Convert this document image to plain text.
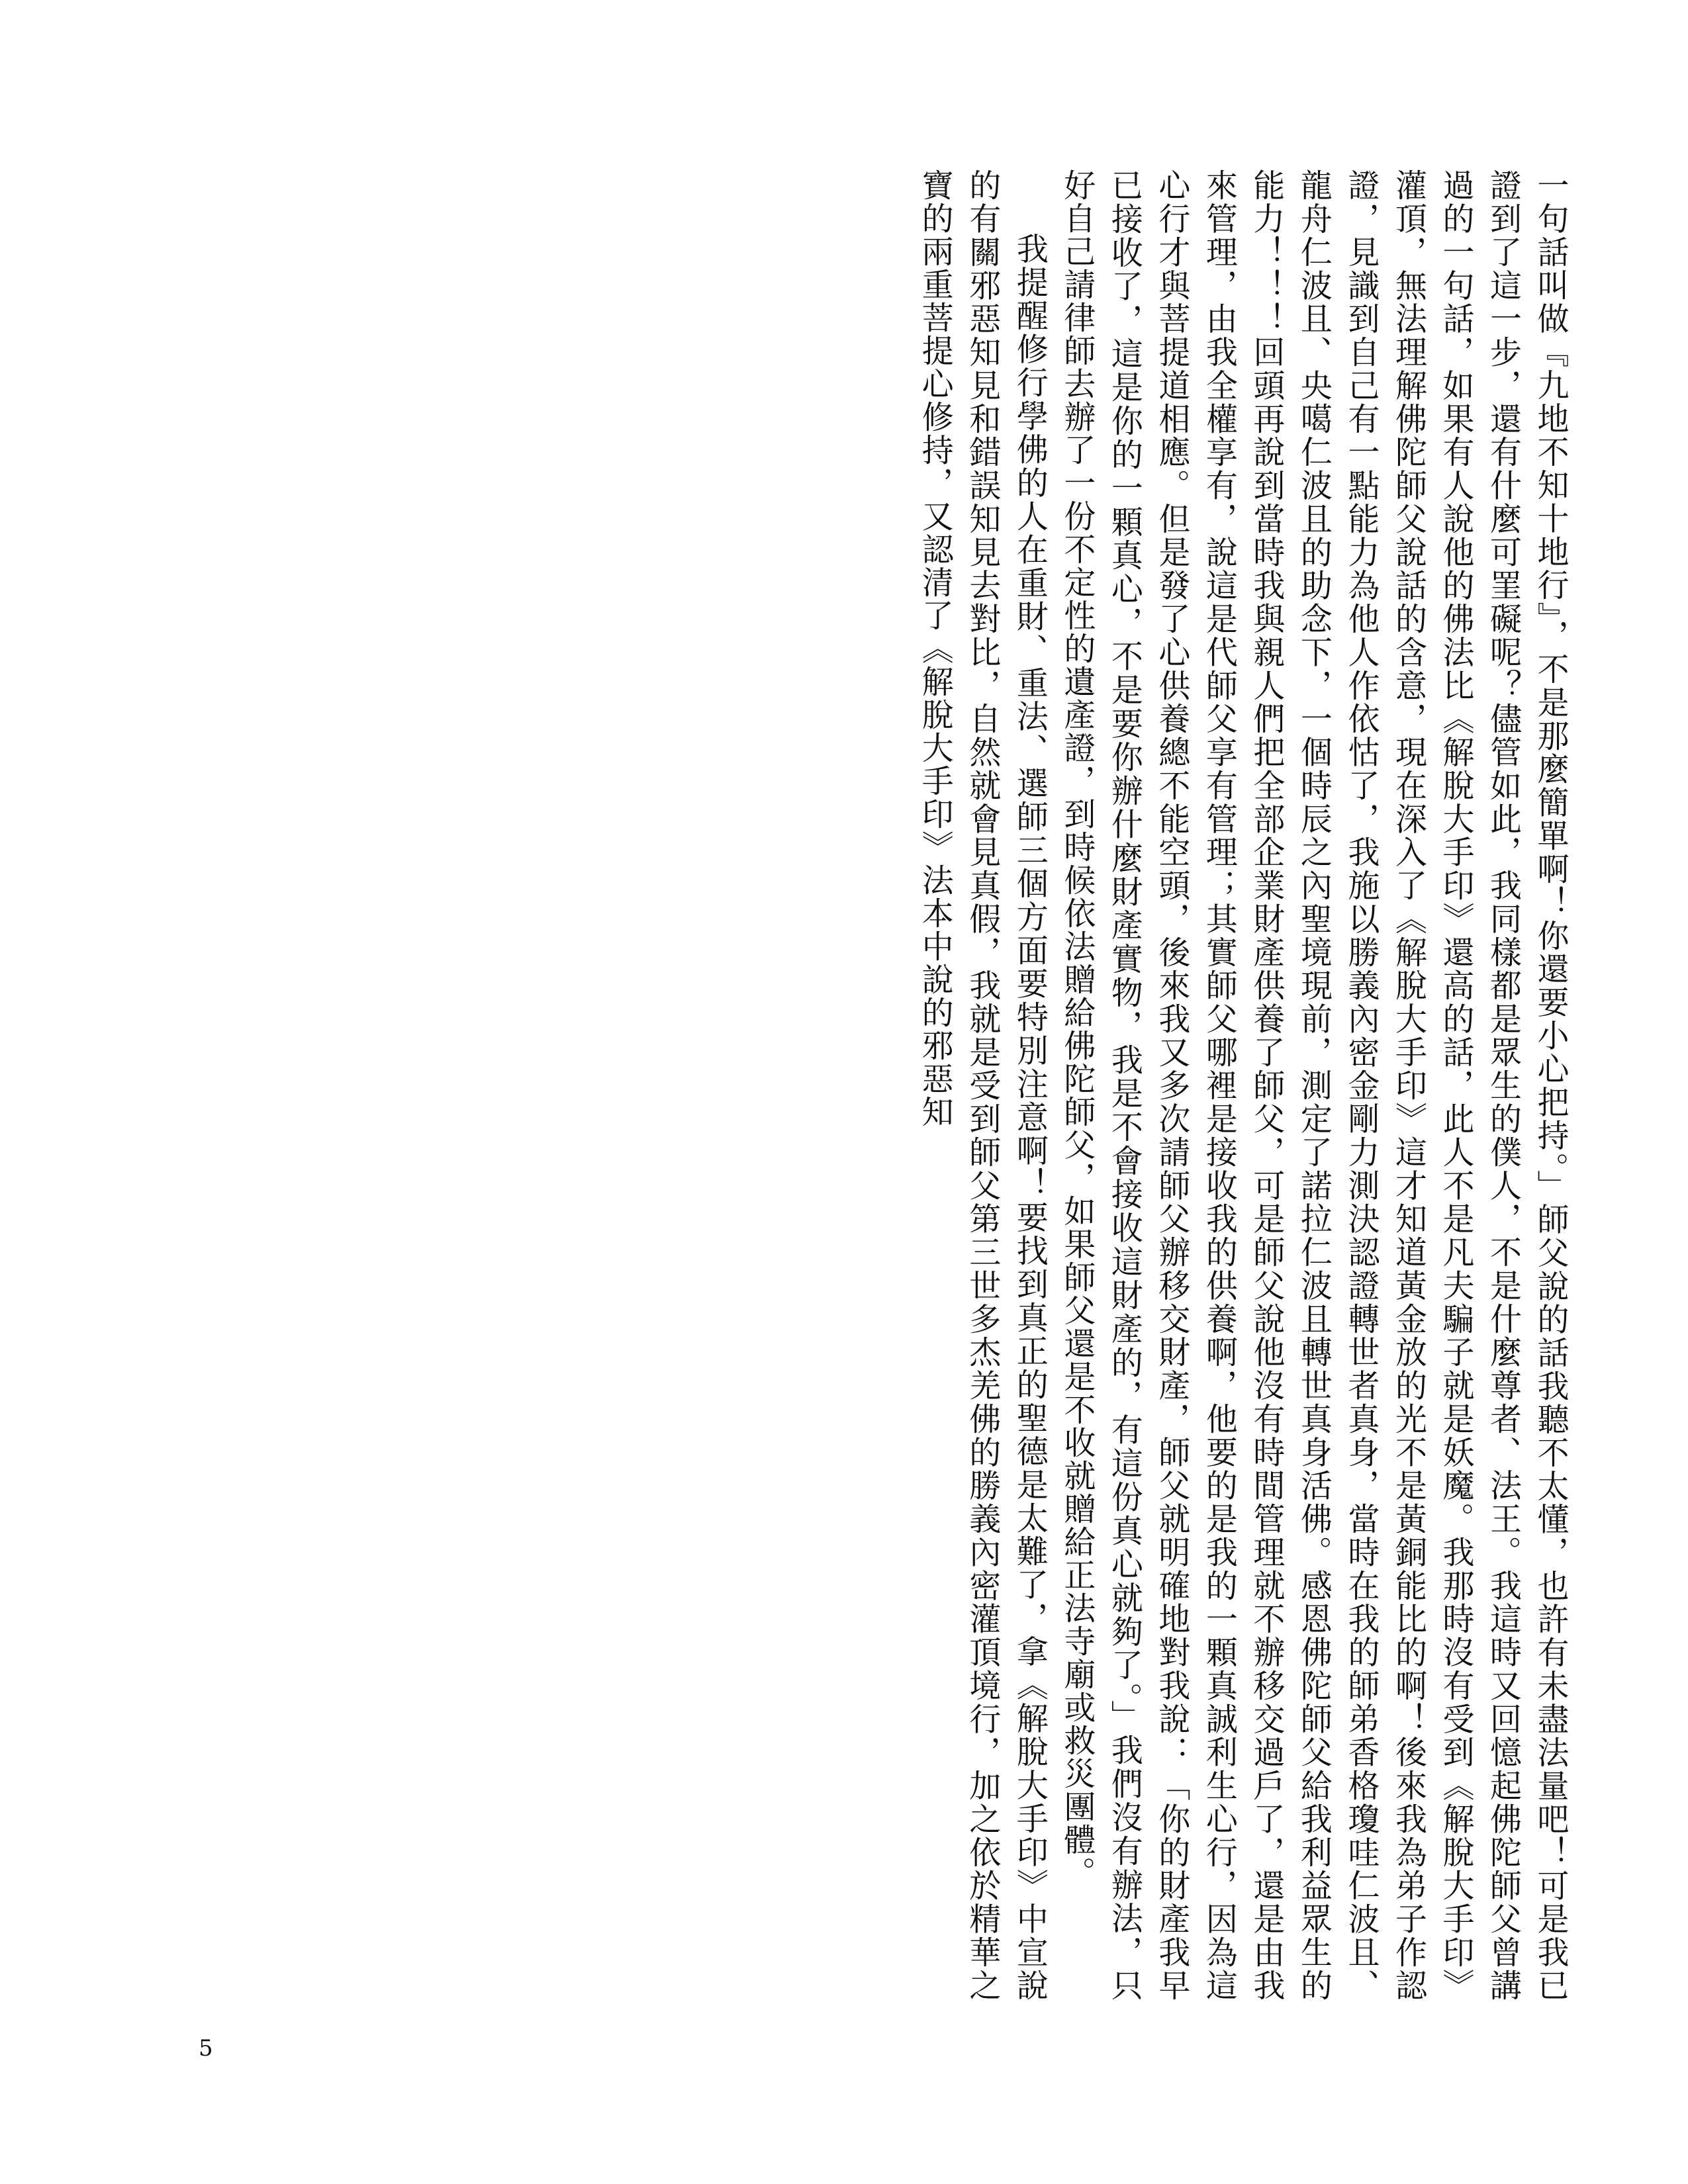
一句話叫做『九地不知十地行』，不是那麼簡單啊！你還要小心把持。」師父說的話我聽不太懂，也許有未盡法量吧！可是我已證到了這一步，還有什麼可罣礙呢？儘管如此，我同樣都是眾生的僕人，不是什麼尊者、法王。我這時又回憶起佛陀師父曾講過的一句話，如果有人說他的佛法比《解脫大手印》還高的話，此人不是凡夫騙子就是妖魔。我那時沒有受到《解脫大手印》灌頂，無法理解佛陀師父說話的含意，現在深入了《解脫大手印》這才知道黃金放的光不是黃銅能比的啊！後來我為弟子作認證，見識到自己有一點能力為他人作依怙了，我施以勝義內密金剛力測決認證轉世者真身，當時在我的師弟香格瓊哇仁波且、龍舟仁波且、央噶仁波且的助念下，一個時辰之內聖境現前，測定了諾拉仁波且轉世真身活佛。感恩佛陀師父給我利益眾生的能力！！！回頭再說到當時我與親人們把全部企業財產供養了師父，可是師父說他沒有時間管理就不辦移交過戶了，還是由我來管理，由我全權享有，說這是代師父享有管理；其實師父哪裡是接收我的供養啊，他要的是我的一顆真誠利生心行，因為這心行才與菩提道相應。但是發了心供養總不能空頭，後來我又多次請師父辦移交財產，師父就明確地對我說：「你的財產我早已接收了，這是你的一顆真心，不是要你辦什麼財產實物，我是不會接收這財產的，有這份真心就夠了。」我們沒有辦法，只好自己請律師去辦了一份不定性的遺產證，到時候依法贈給佛陀師父，如果師父還是不收就贈給正法寺廟或救災團體。
我提醒修行學佛的人在重財、重法、選師三個方面要特別注意啊！要找到真正的聖德是太難了，拿《解脫大手印》中宣說的有關邪惡知見和錯誤知見去對比，自然就會見真假，我就是受到師父第三世多杰羌佛的勝義內密灌頂境行，加之依於精華之寶的兩重菩提心修持，又認清了《解脫大手印》法本中說的邪惡知
5
